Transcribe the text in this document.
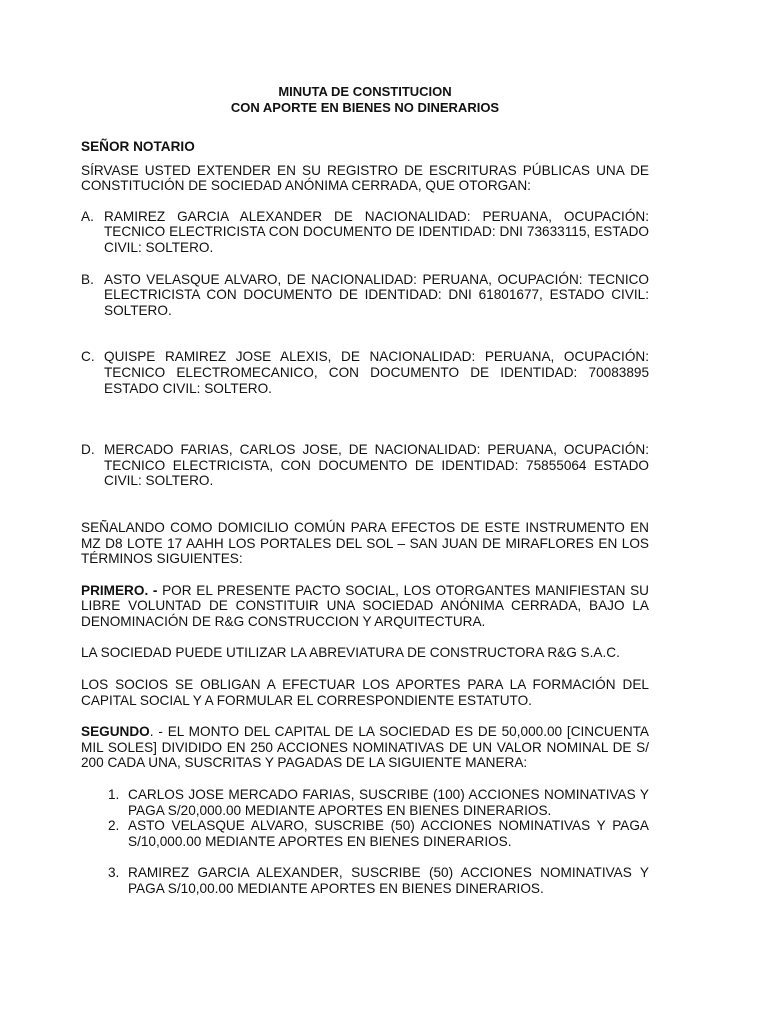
MINUTA DE CONSTITUCION

CON APORTE EN BIENES NO DINERARIOS

SEÑOR NOTARIO

SÍRVASE USTED EXTENDER EN SU REGISTRO DE ESCRITURAS PÚBLICAS UNA DE CONSTITUCIÓN DE SOCIEDAD ANÓNIMA CERRADA, QUE OTORGAN:

A. RAMIREZ GARCIA ALEXANDER DE NACIONALIDAD: PERUANA, OCUPACIÓN: TECNICO ELECTRICISTA CON DOCUMENTO DE IDENTIDAD: DNI 73633115, ESTADO CIVIL: SOLTERO.
B. ASTO VELASQUE ALVARO, DE NACIONALIDAD: PERUANA, OCUPACIÓN: TECNICO ELECTRICISTA CON DOCUMENTO DE IDENTIDAD: DNI 61801677, ESTADO CIVIL: SOLTERO.
C. QUISPE RAMIREZ JOSE ALEXIS, DE NACIONALIDAD: PERUANA, OCUPACIÓN: TECNICO ELECTROMECANICO, CON DOCUMENTO DE IDENTIDAD: 70083895 ESTADO CIVIL: SOLTERO.
D. MERCADO FARIAS, CARLOS JOSE, DE NACIONALIDAD: PERUANA, OCUPACIÓN: TECNICO ELECTRICISTA, CON DOCUMENTO DE IDENTIDAD: 75855064 ESTADO CIVIL: SOLTERO.

SEÑALANDO COMO DOMICILIO COMÚN PARA EFECTOS DE ESTE INSTRUMENTO EN MZ D8 LOTE 17 AAHH LOS PORTALES DEL SOL – SAN JUAN DE MIRAFLORES EN LOS TÉRMINOS SIGUIENTES:

PRIMERO. - POR EL PRESENTE PACTO SOCIAL, LOS OTORGANTES MANIFIESTAN SU LIBRE VOLUNTAD DE CONSTITUIR UNA SOCIEDAD ANÓNIMA CERRADA, BAJO LA DENOMINACIÓN DE R&G CONSTRUCCION Y ARQUITECTURA.

LA SOCIEDAD PUEDE UTILIZAR LA ABREVIATURA DE CONSTRUCTORA R&G S.A.C.

LOS SOCIOS SE OBLIGAN A EFECTUAR LOS APORTES PARA LA FORMACIÓN DEL CAPITAL SOCIAL Y A FORMULAR EL CORRESPONDIENTE ESTATUTO.

SEGUNDO. - EL MONTO DEL CAPITAL DE LA SOCIEDAD ES DE 50,000.00 [CINCUENTA MIL SOLES] DIVIDIDO EN 250 ACCIONES NOMINATIVAS DE UN VALOR NOMINAL DE S/ 200 CADA UNA, SUSCRITAS Y PAGADAS DE LA SIGUIENTE MANERA:

1. CARLOS JOSE MERCADO FARIAS, SUSCRIBE (100) ACCIONES NOMINATIVAS Y PAGA S/20,000.00 MEDIANTE APORTES EN BIENES DINERARIOS.
2. ASTO VELASQUE ALVARO, SUSCRIBE (50) ACCIONES NOMINATIVAS Y PAGA S/10,000.00 MEDIANTE APORTES EN BIENES DINERARIOS.
3. RAMIREZ GARCIA ALEXANDER, SUSCRIBE (50) ACCIONES NOMINATIVAS Y PAGA S/10,00.00 MEDIANTE APORTES EN BIENES DINERARIOS.
